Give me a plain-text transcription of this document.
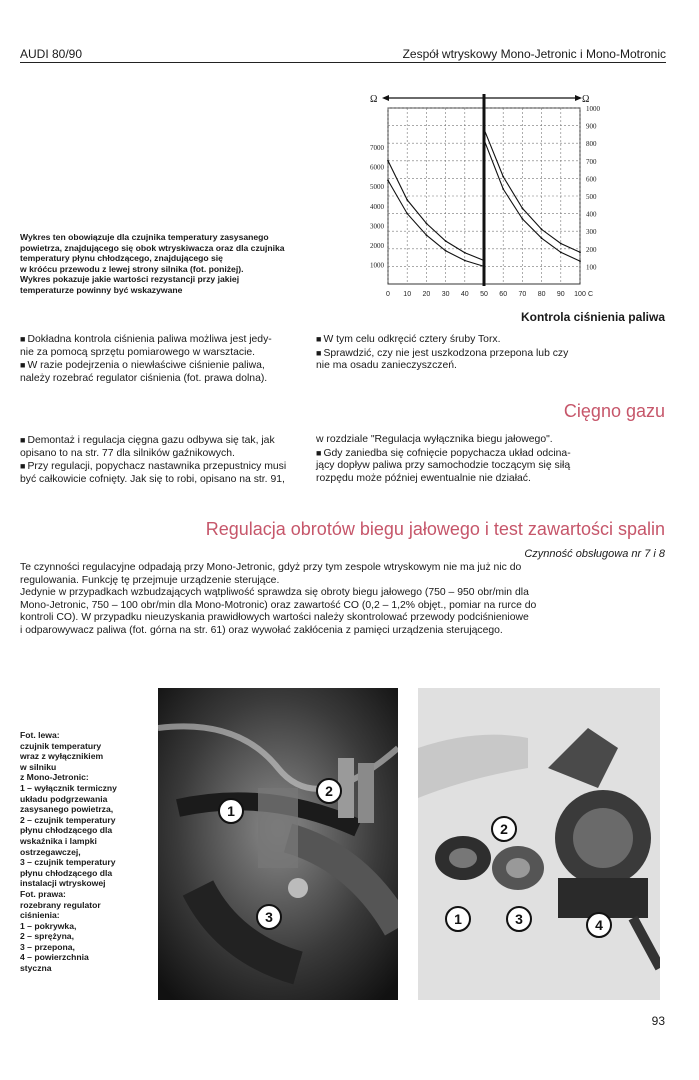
AUDI 80/90	Zespół wtryskowy Mono-Jetronic i Mono-Motronic
Wykres ten obowiązuje dla czujnika temperatury zasysanego
powietrza, znajdującego się obok wtryskiwacza oraz dla czujnika
temperatury płynu chłodzącego, znajdującego się
w króćcu przewodu z lewej strony silnika (fot. poniżej).
Wykres pokazuje jakie wartości rezystancji przy jakiej
temperaturze powinny być wskazywane	0 10 20 30 40 50 60 70 80 90 100 C
1000
900
800
700
600
500
400
300
200
100
7000
6000
5000
4000
3000
2000
1000
Ω	Ω
Kontrola ciśnienia paliwa
■ Dokładna kontrola ciśnienia paliwa możliwa jest jedy-
nie za pomocą sprzętu pomiarowego w warsztacie.
■ W razie podejrzenia o niewłaściwe ciśnienie paliwa,
należy rozebrać regulator ciśnienia (fot. prawa dolna).
■ W tym celu odkręcić cztery śruby Torx.
■ Sprawdzić, czy nie jest uszkodzona przepona lub czy
nie ma osadu zanieczyszczeń.
Cięgno gazu
■ Demontaż i regulacja cięgna gazu odbywa się tak, jak
opisano to na str. 77 dla silników gaźnikowych.
■ Przy regulacji, popychacz nastawnika przepustnicy musi
być całkowicie cofnięty. Jak się to robi, opisano na str. 91,
w rozdziale "Regulacja wyłącznika biegu jałowego".
■ Gdy zaniedba się cofnięcie popychacza układ odcina-
jący dopływ paliwa przy samochodzie toczącym się siłą
rozpędu może później ewentualnie nie działać.
Regulacja obrotów biegu jałowego i test zawartości spalin
Czynność obsługowa nr 7 i 8
Te czynności regulacyjne odpadają przy Mono-Jetronic, gdyż przy tym zespole wtryskowym nie ma już nic do
regulowania. Funkcję tę przejmuje urządzenie sterujące.
Jedynie w przypadkach wzbudzających wątpliwość sprawdza się obroty biegu jałowego (750 – 950 obr/min dla
Mono-Jetronic, 750 – 100 obr/min dla Mono-Motronic) oraz zawartość CO (0,2 – 1,2% objęt., pomiar na rurce do
kontroli CO). W przypadku nieuzyskania prawidłowych wartości należy skontrolować przewody podciśnieniowe
i odparowywacz paliwa (fot. górna na str. 61) oraz wywołać zakłócenia z pamięci urządzenia sterującego.
Fot. lewa:
czujnik temperatury
wraz z wyłącznikiem
w silniku
z Mono-Jetronic:
1 – wyłącznik termiczny
układu podgrzewania
zasysanego powietrza,
2 – czujnik temperatury
płynu chłodzącego dla
wskaźnika i lampki
ostrzegawczej,
3 – czujnik temperatury
płynu chłodzącego dla
instalacji wtryskowej
Fot. prawa:
rozebrany regulator
ciśnienia:
1 – pokrywka,
2 – sprężyna,
3 – przepona,
4 – powierzchnia
styczna
1
2
3
2
1	3	4
93
